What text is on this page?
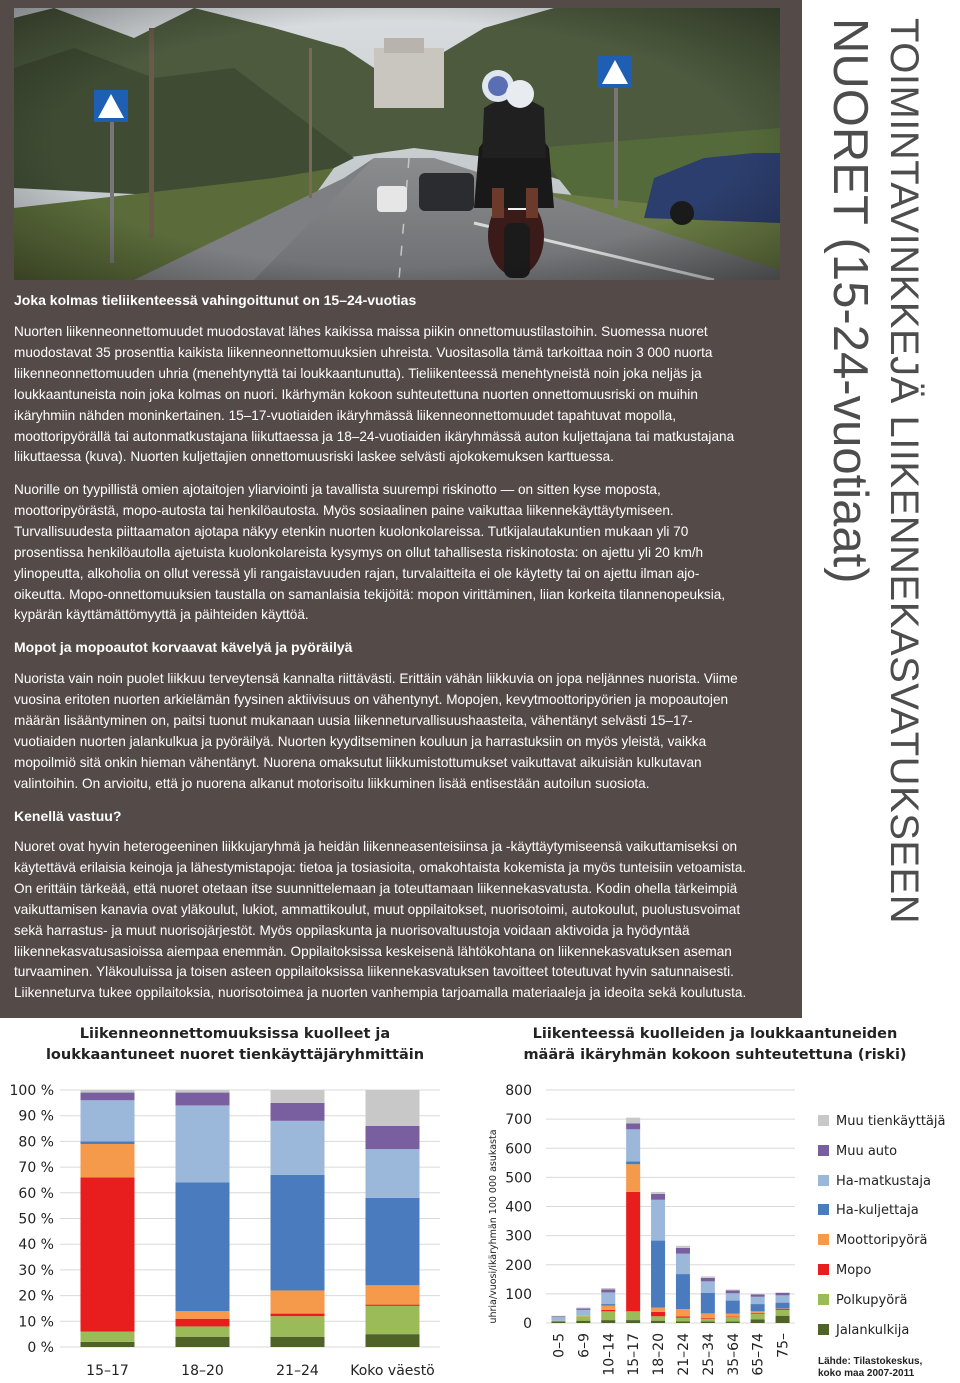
Joka kolmas tieliikenteessä vahingoittunut on 15–24-vuotias

Nuorten liikenneonnettomuudet muodostavat lähes kaikissa maissa piikin onnettomuustilastoihin. Suomessa nuoret

muodostavat 35 prosenttia kaikista liikenneonnettomuuksien uhreista. Vuositasolla tämä tarkoittaa noin 3 000 nuorta

liikenneonnettomuuden uhria (menehtynyttä tai loukkaantunutta). Tieliikenteessä menehtyneistä noin joka neljäs ja

loukkaantuneista noin joka kolmas on nuori. Ikärhymän kokoon suhteutettuna nuorten onnettomuusriski on muihin

ikäryhmiin nähden moninkertainen. 15–17-vuotiaiden ikäryhmässä liikenneonnettomuudet tapahtuvat mopolla,

moottoripyörällä tai autonmatkustajana liikuttaessa ja 18–24-vuotiaiden ikäryhmässä auton kuljettajana tai matkustajana

liikuttaessa (kuva). Nuorten kuljettajien onnettomuusriski laskee selvästi ajokokemuksen karttuessa.

Nuorille on tyypillistä omien ajotaitojen yliarviointi ja tavallista suurempi riskinotto — on sitten kyse moposta,

moottoripyörästä, mopo-autosta tai henkilöautosta. Myös sosiaalinen paine vaikuttaa liikennekäyttäytymiseen.

Turvallisuudesta piittaamaton ajotapa näkyy etenkin nuorten kuolonkolareissa. Tutkijalautakuntien mukaan yli 70

prosentissa henkilöautolla ajetuista kuolonkolareista kysymys on ollut tahallisesta riskinotosta: on ajettu yli 20 km/h

ylinopeutta, alkoholia on ollut veressä yli rangaistavuuden rajan, turvalaitteita ei ole käytetty tai on ajettu ilman ajo-

oikeutta. Mopo-onnettomuuksien taustalla on samanlaisia tekijöitä: mopon virittäminen, liian korkeita tilannenopeuksia,

kypärän käyttämättömyyttä ja päihteiden käyttöä.

Mopot ja mopoautot korvaavat kävelyä ja pyöräilyä

Nuorista vain noin puolet liikkuu terveytensä kannalta riittävästi. Erittäin vähän liikkuvia on jopa neljännes nuorista. Viime

vuosina eritoten nuorten arkielämän fyysinen aktiivisuus on vähentynyt. Mopojen, kevytmoottoripyörien ja mopoautojen

määrän lisääntyminen on, paitsi tuonut mukanaan uusia liikenneturvallisuushaasteita, vähentänyt selvästi 15–17-

vuotiaiden nuorten jalankulkua ja pyöräilyä. Nuorten kyyditseminen kouluun ja harrastuksiin on myös yleistä, vaikka

mopoilmiö sitä onkin hieman vähentänyt. Nuorena omaksutut liikkumistottumukset vaikuttavat aikuisiän kulkutavan

valintoihin. On arvioitu, että jo nuorena alkanut motorisoitu liikkuminen lisää entisestään autoilun suosiota.

Kenellä vastuu?

Nuoret ovat hyvin heterogeeninen liikkujaryhmä ja heidän liikenneasenteisiinsa ja -käyttäytymiseensä vaikuttamiseksi on

käytettävä erilaisia keinoja ja lähestymistapoja: tietoa ja tosiasioita, omakohtaista kokemista ja myös tunteisiin vetoamista.

On erittäin tärkeää, että nuoret otetaan itse suunnittelemaan ja toteuttamaan liikennekasvatusta. Kodin ohella tärkeimpiä

vaikuttamisen kanavia ovat yläkoulut, lukiot, ammattikoulut, muut oppilaitokset, nuorisotoimi, autokoulut, puolustusvoimat

sekä harrastus- ja muut nuorisojärjestöt. Myös oppilaskunta ja nuorisovaltuustoja voidaan aktivoida ja hyödyntää

liikennekasvatusasioissa aiempaa enemmän. Oppilaitoksissa keskeisenä lähtökohtana on liikennekasvatuksen aseman

turvaaminen. Yläkouluissa ja toisen asteen oppilaitoksissa liikennekasvatuksen tavoitteet toteutuvat hyvin satunnaisesti.

Liikenneturva tukee oppilaitoksia, nuorisotoimea ja nuorten vanhempia tarjoamalla materiaaleja ja ideoita sekä koulutusta.

TOIMINTAVINKKEJÄ LIIKENNEKASVATUKSEEN
NUORET (15-24-vuotiaat)
Liikenneonnettomuuksissa kuolleet ja
loukkaantuneet nuoret tienkäyttäjäryhmittäin
0 %
10 %
20 %
30 %
40 %
50 %
60 %
70 %
80 %
90 %
100 %
15–17	18–20	21–24 Koko väestö
Liikenteessä kuolleiden ja loukkaantuneiden
määrä ikäryhmän kokoon suhteutettuna (riski)
0
100
200
300
400
500
600
700
800
uhria/vuosi/ikäryhmän 100 000 asukasta
0–5 6–9 10–14 15–17 18–20 21–24 25–34 35–64 65–74 75–
Muu tienkäyttäjä
Muu auto
Ha-matkustaja
Ha-kuljettaja
Moottoripyörä
Mopo
Polkupyörä
Jalankulkija
Lähde: Tilastokeskus,
koko maa 2007-2011
